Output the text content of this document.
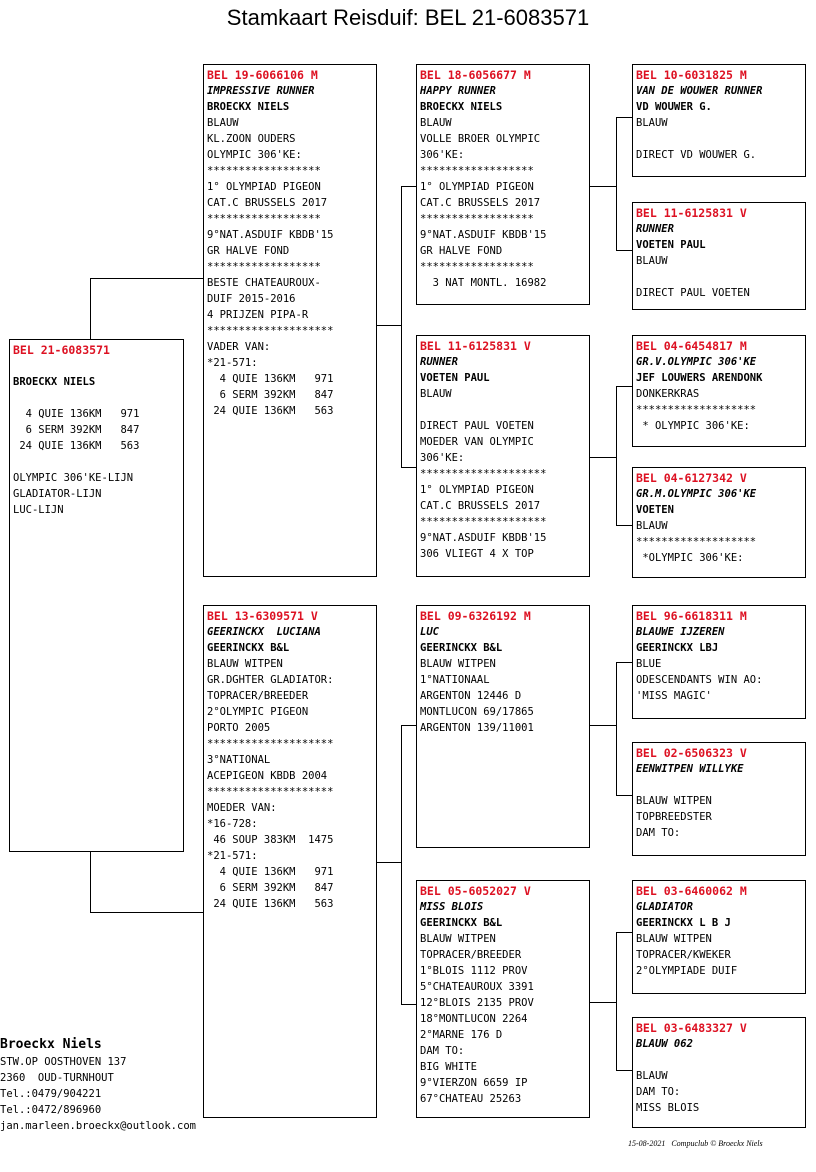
Stamkaart Reisduif: BEL 21-6083571
BEL 21-6083571
BROECKX NIELS
4 QUIE 136KM   971
6 SERM 392KM   847
24 QUIE 136KM   563
OLYMPIC 306'KE-LIJN
GLADIATOR-LIJN
LUC-LIJN
BEL 19-6066106 M
IMPRESSIVE RUNNER
BROECKX NIELS
BLAUW
KL.ZOON OUDERS
OLYMPIC 306'KE:
******************
1° OLYMPIAD PIGEON
CAT.C BRUSSELS 2017
******************
9°NAT.ASDUIF KBDB'15
GR HALVE FOND
******************
BESTE CHATEAUROUX-
DUIF 2015-2016
4 PRIJZEN PIPA-R
********************
VADER VAN:
*21-571:
4 QUIE 136KM   971
6 SERM 392KM   847
24 QUIE 136KM   563
BEL 13-6309571 V
GEERINCKX  LUCIANA
GEERINCKX B&L
BLAUW WITPEN
GR.DGHTER GLADIATOR:
TOPRACER/BREEDER
2°OLYMPIC PIGEON
PORTO 2005
********************
3°NATIONAL
ACEPIGEON KBDB 2004
********************
MOEDER VAN:
*16-728:
46 SOUP 383KM  1475
*21-571:
4 QUIE 136KM   971
6 SERM 392KM   847
24 QUIE 136KM   563
BEL 18-6056677 M
HAPPY RUNNER
BROECKX NIELS
BLAUW
VOLLE BROER OLYMPIC
306'KE:
******************
1° OLYMPIAD PIGEON
CAT.C BRUSSELS 2017
******************
9°NAT.ASDUIF KBDB'15
GR HALVE FOND
******************
3 NAT MONTL. 16982
BEL 11-6125831 V
RUNNER
VOETEN PAUL
BLAUW
DIRECT PAUL VOETEN
MOEDER VAN OLYMPIC
306'KE:
********************
1° OLYMPIAD PIGEON
CAT.C BRUSSELS 2017
********************
9°NAT.ASDUIF KBDB'15
306 VLIEGT 4 X TOP
BEL 09-6326192 M
LUC
GEERINCKX B&L
BLAUW WITPEN
1°NATIONAAL
ARGENTON 12446 D
MONTLUCON 69/17865
ARGENTON 139/11001
BEL 05-6052027 V
MISS BLOIS
GEERINCKX B&L
BLAUW WITPEN
TOPRACER/BREEDER
1°BLOIS 1112 PROV
5°CHATEAUROUX 3391
12°BLOIS 2135 PROV
18°MONTLUCON 2264
2°MARNE 176 D
DAM TO:
BIG WHITE
9°VIERZON 6659 IP
67°CHATEAU 25263
BEL 10-6031825 M
VAN DE WOUWER RUNNER
VD WOUWER G.
BLAUW
DIRECT VD WOUWER G.
BEL 11-6125831 V
RUNNER
VOETEN PAUL
BLAUW
DIRECT PAUL VOETEN
BEL 04-6454817 M
GR.V.OLYMPIC 306'KE
JEF LOUWERS ARENDONK
DONKERKRAS
*******************
* OLYMPIC 306'KE:
BEL 04-6127342 V
GR.M.OLYMPIC 306'KE
VOETEN
BLAUW
*******************
*OLYMPIC 306'KE:
BEL 96-6618311 M
BLAUWE IJZEREN
GEERINCKX LBJ
BLUE
ODESCENDANTS WIN AO:
'MISS MAGIC'
BEL 02-6506323 V
EENWITPEN WILLYKE
BLAUW WITPEN
TOPBREEDSTER
DAM TO:
BEL 03-6460062 M
GLADIATOR
GEERINCKX L B J
BLAUW WITPEN
TOPRACER/KWEKER
2°OLYMPIADE DUIF
BEL 03-6483327 V
BLAUW 062
BLAUW
DAM TO:
MISS BLOIS
Broeckx Niels
STW.OP OOSTHOVEN 137
2360  OUD-TURNHOUT
Tel.:0479/904221
Tel.:0472/896960
jan.marleen.broeckx@outlook.com
15-08-2021   Compuclub © Broeckx Niels
